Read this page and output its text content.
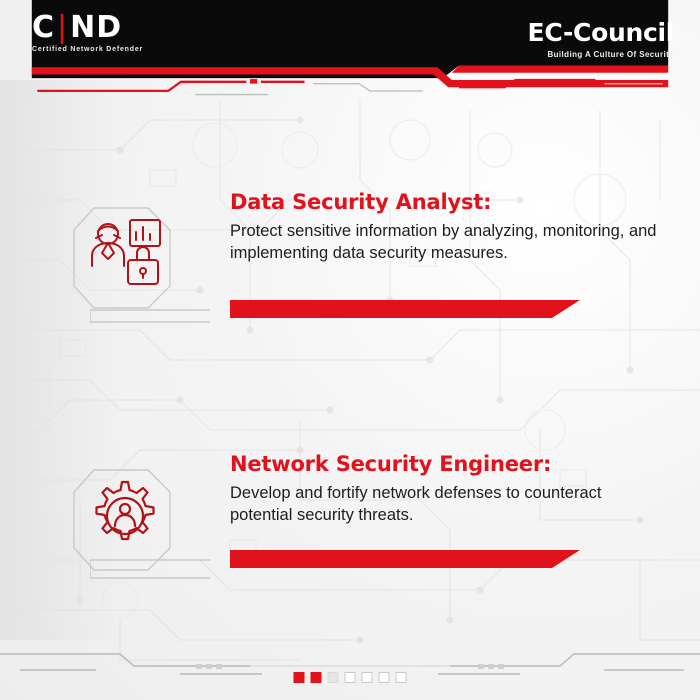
C|ND
Certified Network Defender
EC-Council
Building A Culture Of Security
Data Security Analyst:

Protect sensitive information by analyzing, monitoring, and implementing data security measures.

Network Security Engineer:

Develop and fortify network defenses to counteract potential security threats.
